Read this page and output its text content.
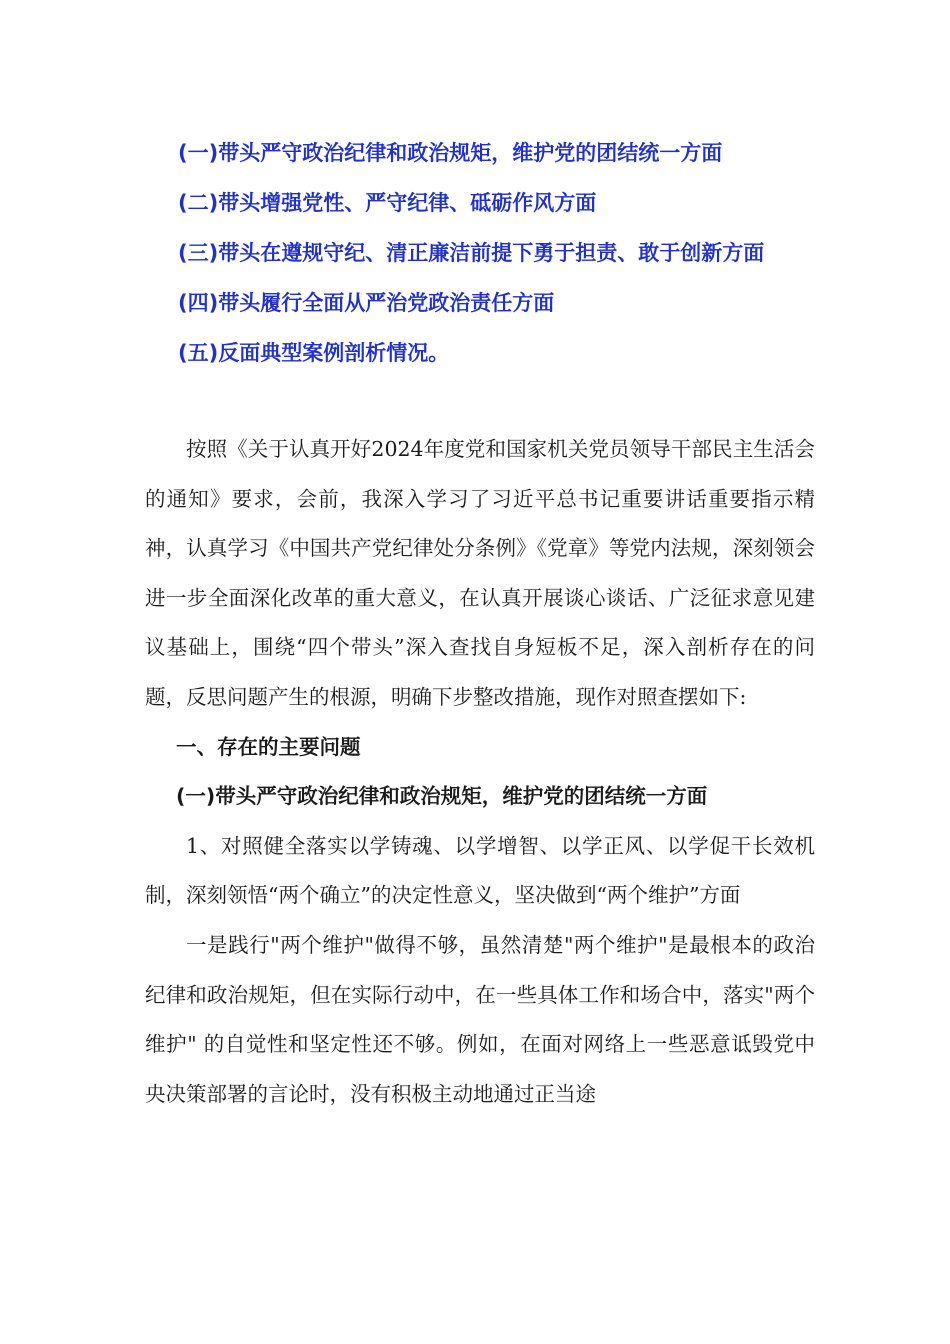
(一)带头严守政治纪律和政治规矩，维护党的团结统一方面
(二)带头增强党性、严守纪律、砥砺作风方面
(三)带头在遵规守纪、清正廉洁前提下勇于担责、敢于创新方面
(四)带头履行全面从严治党政治责任方面
(五)反面典型案例剖析情况。

按照《关于认真开好2024年度党和国家机关党员领导干部民主生活会的通知》要求，会前，我深入学习了习近平总书记重要讲话重要指示精神，认真学习《中国共产党纪律处分条例》《党章》等党内法规，深刻领会进一步全面深化改革的重大意义，在认真开展谈心谈话、广泛征求意见建议基础上，围绕“四个带头”深入查找自身短板不足，深入剖析存在的问题，反思问题产生的根源，明确下步整改措施，现作对照查摆如下:

一、存在的主要问题

(一)带头严守政治纪律和政治规矩，维护党的团结统一方面

1、对照健全落实以学铸魂、以学增智、以学正风、以学促干长效机制，深刻领悟“两个确立”的决定性意义，坚决做到“两个维护”方面

一是践行"两个维护"做得不够，虽然清楚"两个维护"是最根本的政治纪律和政治规矩，但在实际行动中，在一些具体工作和场合中，落实"两个维护" 的自觉性和坚定性还不够。例如，在面对网络上一些恶意诋毁党中央决策部署的言论时，没有积极主动地通过正当途
